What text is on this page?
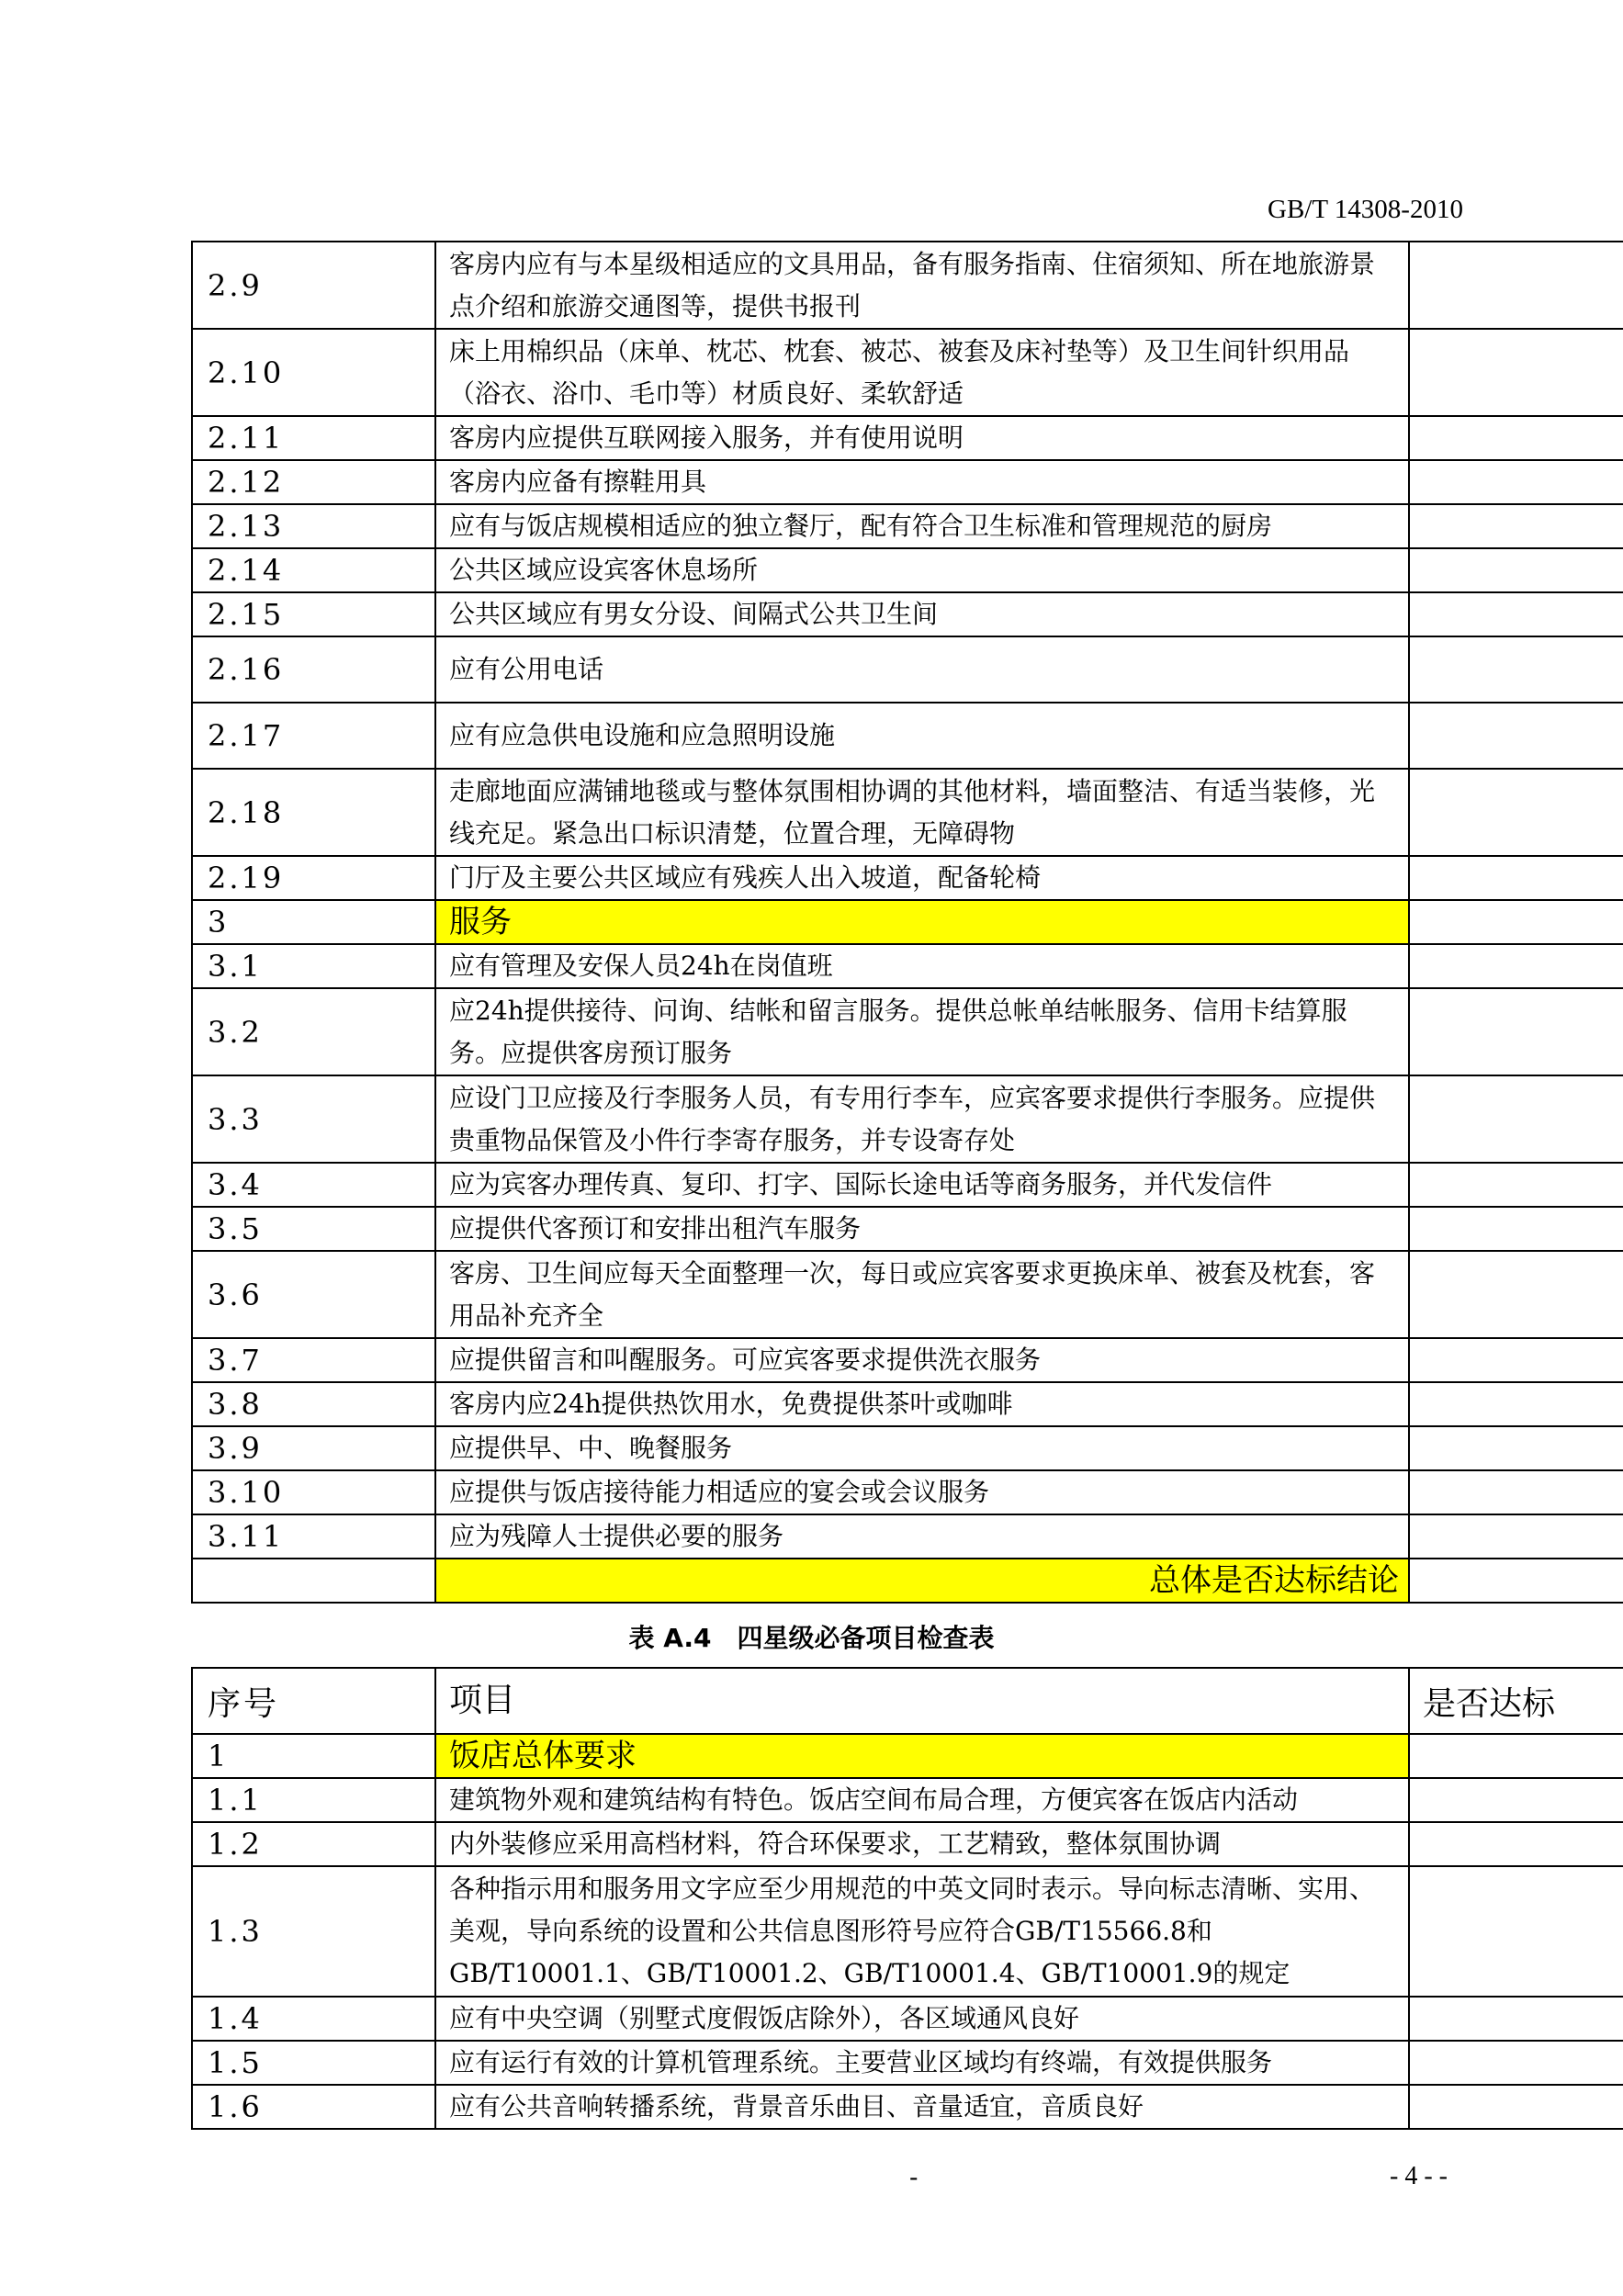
GB/T 14308-2010
2.9	客房内应有与本星级相适应的文具用品，备有服务指南、住宿须知、所在地旅游景点介绍和旅游交通图等，提供书报刊	
2.10	床上用棉织品（床单、枕芯、枕套、被芯、被套及床衬垫等）及卫生间针织用品（浴衣、浴巾、毛巾等）材质良好、柔软舒适	
2.11	客房内应提供互联网接入服务，并有使用说明	
2.12	客房内应备有擦鞋用具	
2.13	应有与饭店规模相适应的独立餐厅，配有符合卫生标准和管理规范的厨房	
2.14	公共区域应设宾客休息场所	
2.15	公共区域应有男女分设、间隔式公共卫生间	
2.16	应有公用电话	
2.17	应有应急供电设施和应急照明设施	
2.18	走廊地面应满铺地毯或与整体氛围相协调的其他材料，墙面整洁、有适当装修，光线充足。紧急出口标识清楚，位置合理，无障碍物	
2.19	门厅及主要公共区域应有残疾人出入坡道，配备轮椅	
3	服务	
3.1	应有管理及安保人员24h在岗值班	
3.2	应24h提供接待、问询、结帐和留言服务。提供总帐单结帐服务、信用卡结算服务。应提供客房预订服务	
3.3	应设门卫应接及行李服务人员，有专用行李车，应宾客要求提供行李服务。应提供贵重物品保管及小件行李寄存服务，并专设寄存处	
3.4	应为宾客办理传真、复印、打字、国际长途电话等商务服务，并代发信件	
3.5	应提供代客预订和安排出租汽车服务	
3.6	客房、卫生间应每天全面整理一次，每日或应宾客要求更换床单、被套及枕套，客用品补充齐全	
3.7	应提供留言和叫醒服务。可应宾客要求提供洗衣服务	
3.8	客房内应24h提供热饮用水，免费提供茶叶或咖啡	
3.9	应提供早、中、晚餐服务	
3.10	应提供与饭店接待能力相适应的宴会或会议服务	
3.11	应为残障人士提供必要的服务	
	总体是否达标结论	
表 A.4　四星级必备项目检查表
序号	项目	是否达标
1	饭店总体要求	
1.1	建筑物外观和建筑结构有特色。饭店空间布局合理，方便宾客在饭店内活动	
1.2	内外装修应采用高档材料，符合环保要求，工艺精致，整体氛围协调	
1.3	各种指示用和服务用文字应至少用规范的中英文同时表示。导向标志清晰、实用、美观，导向系统的设置和公共信息图形符号应符合GB/T15566.8和GB/T10001.1、GB/T10001.2、GB/T10001.4、GB/T10001.9的规定	
1.4	应有中央空调（别墅式度假饭店除外），各区域通风良好	
1.5	应有运行有效的计算机管理系统。主要营业区域均有终端，有效提供服务	
1.6	应有公共音响转播系统，背景音乐曲目、音量适宜，音质良好	
-	- 4 - -
